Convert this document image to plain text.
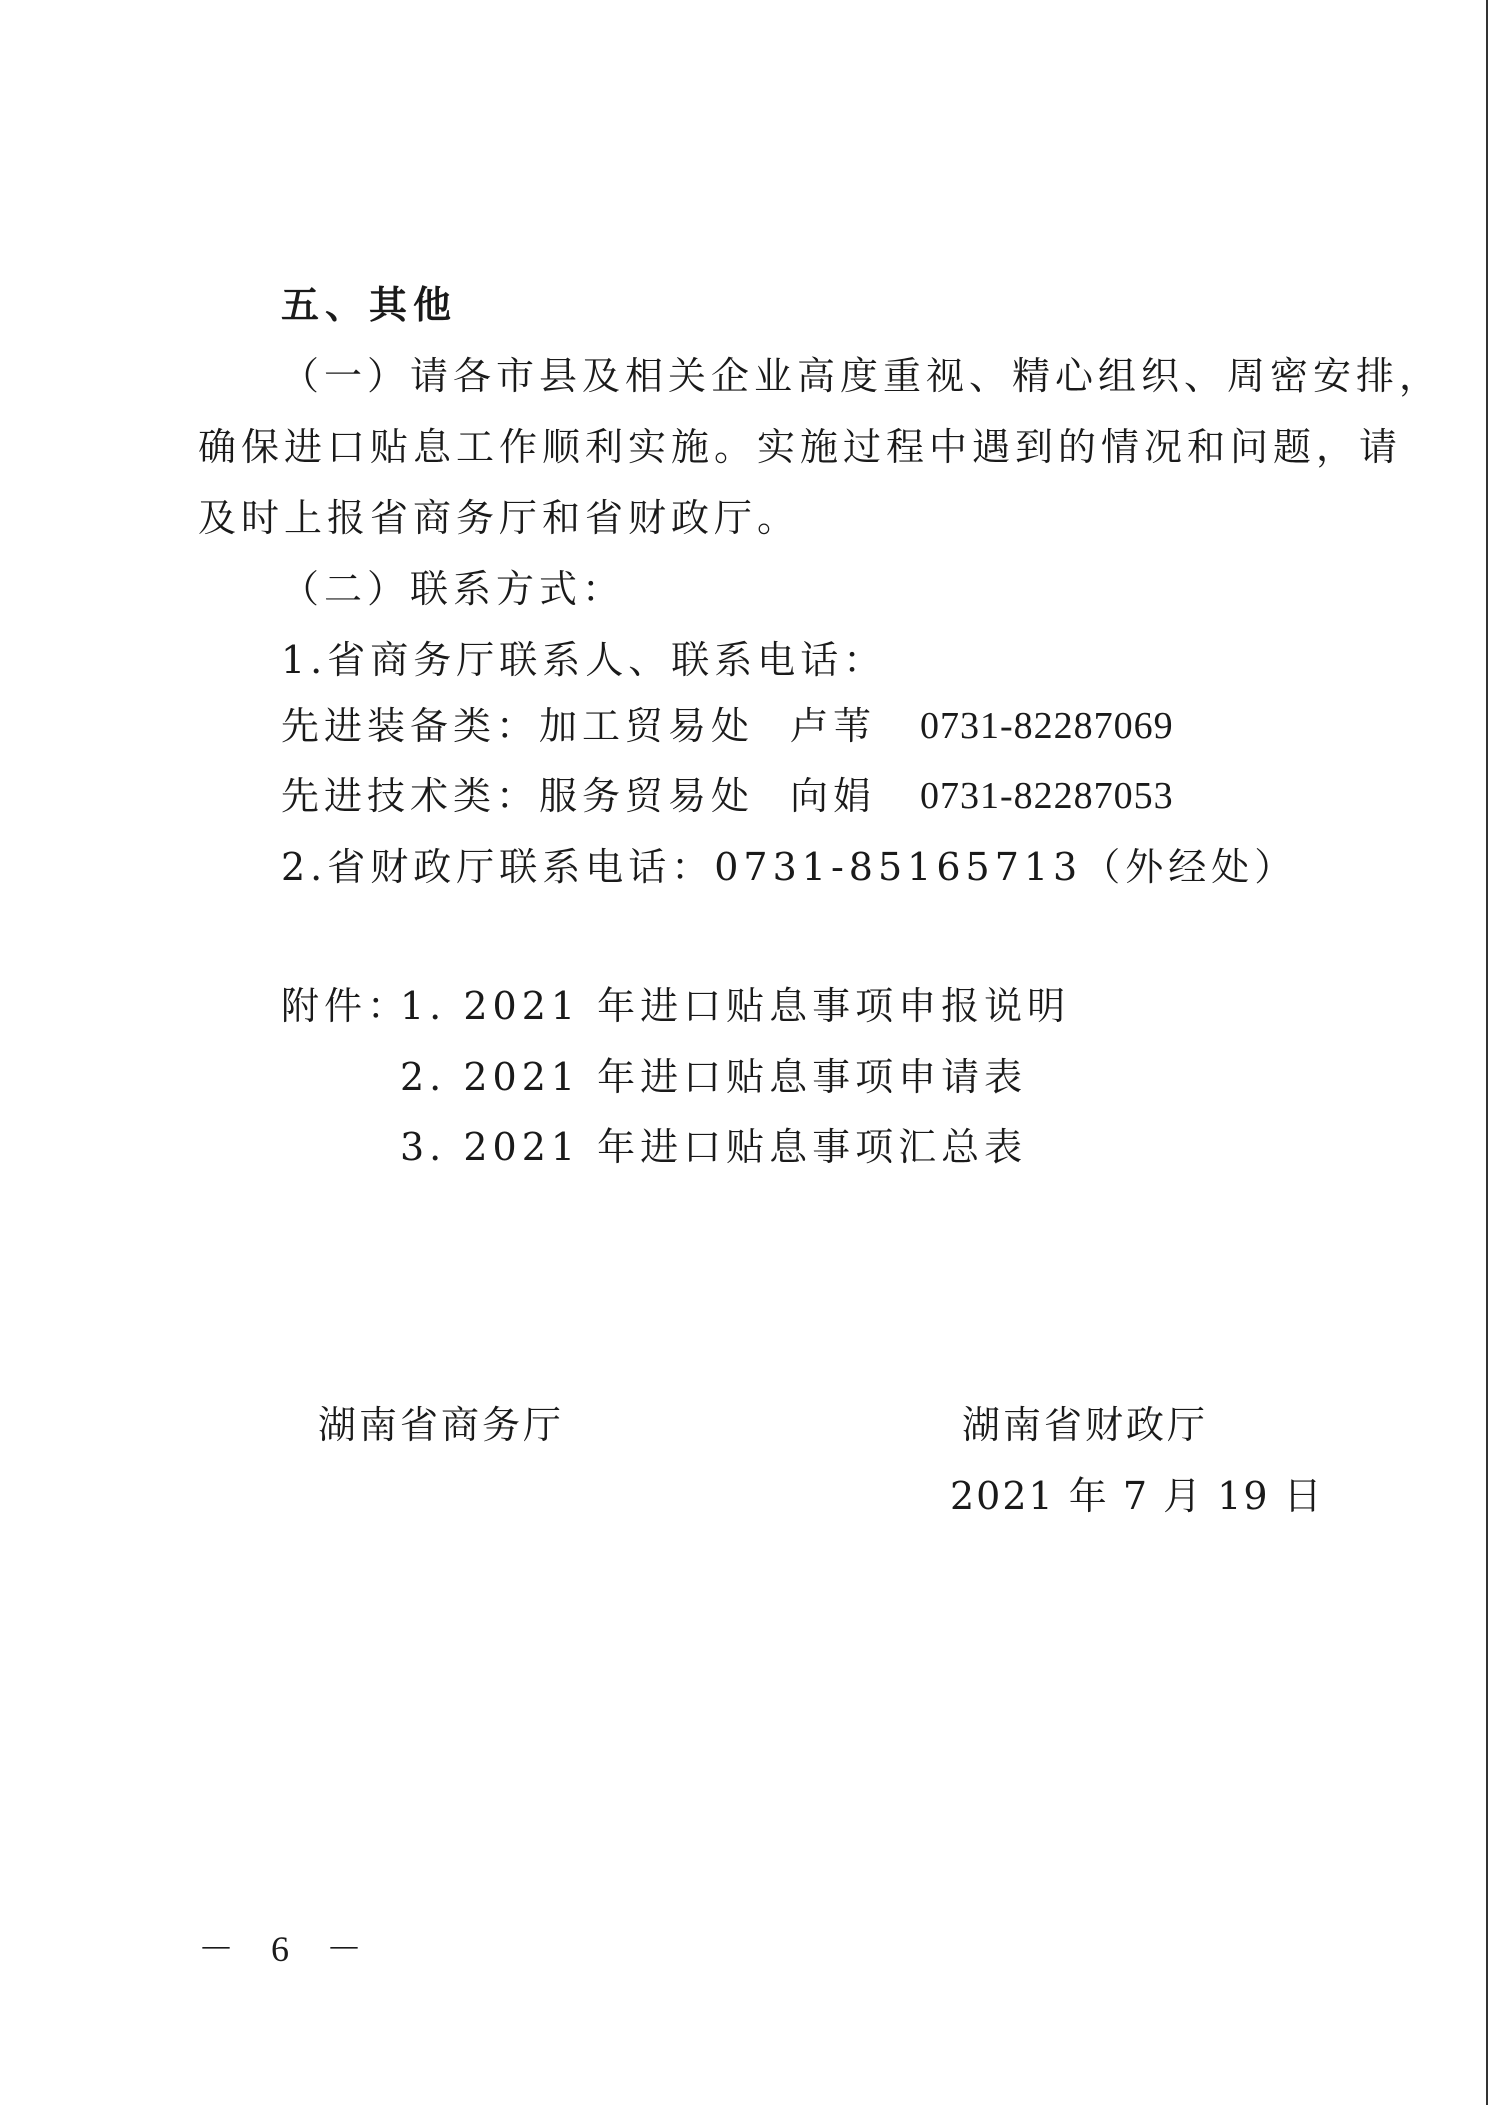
五、其他
（一）请各市县及相关企业高度重视、精心组织、周密安排，
确保进口贴息工作顺利实施。实施过程中遇到的情况和问题，请
及时上报省商务厅和省财政厅。
（二）联系方式：
1.省商务厅联系人、联系电话：
先进装备类：加工贸易处 卢苇 0731-82287069
先进技术类：服务贸易处 向娟 0731-82287053
2.省财政厅联系电话：0731-85165713（外经处）
附件：
1. 2021 年进口贴息事项申报说明
2. 2021 年进口贴息事项申请表
3. 2021 年进口贴息事项汇总表
湖南省商务厅	湖南省财政厅
2021 年 7 月 19 日
－ 6 －
